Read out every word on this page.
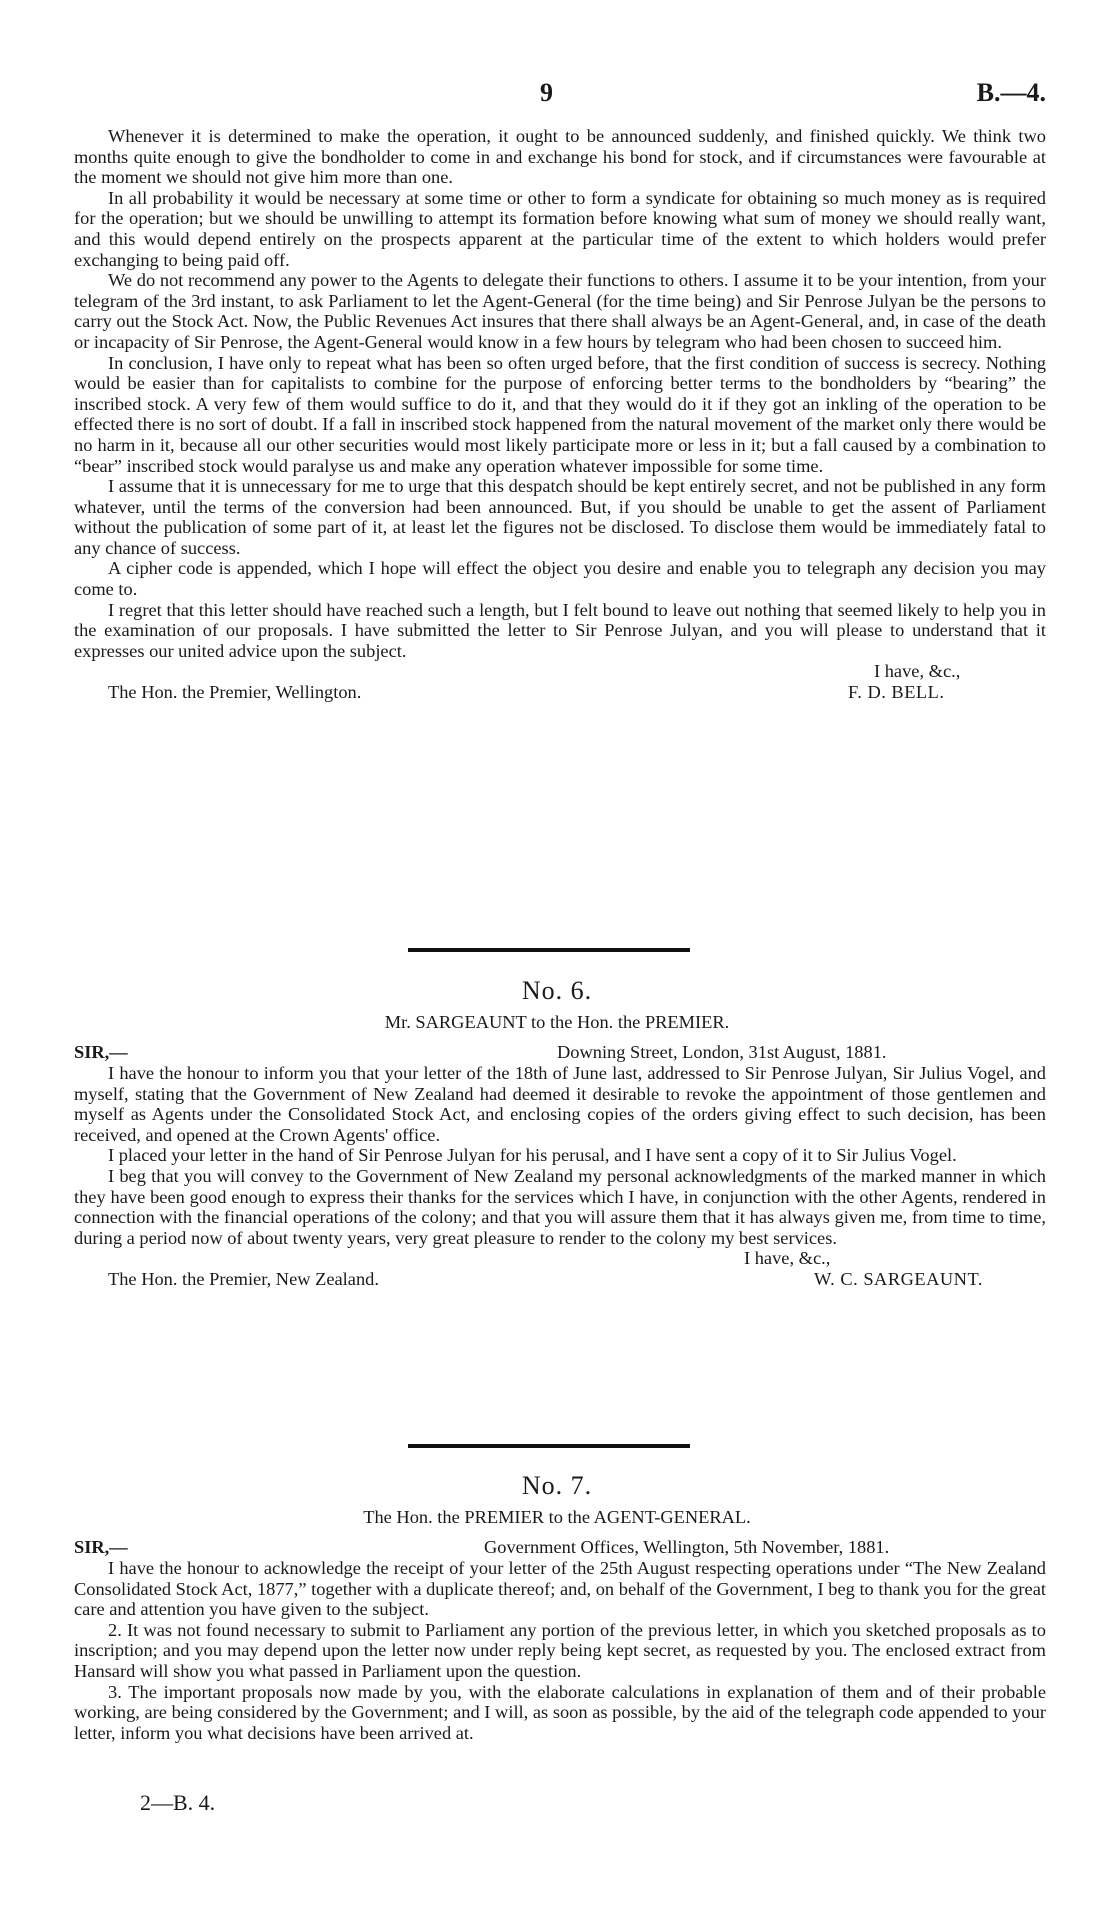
9	B.—4.

Whenever it is determined to make the operation, it ought to be announced suddenly, and finished quickly. We think two months quite enough to give the bondholder to come in and exchange his bond for stock, and if circumstances were favourable at the moment we should not give him more than one.

In all probability it would be necessary at some time or other to form a syndicate for obtaining so much money as is required for the operation; but we should be unwilling to attempt its formation before knowing what sum of money we should really want, and this would depend entirely on the prospects apparent at the particular time of the extent to which holders would prefer exchanging to being paid off.

We do not recommend any power to the Agents to delegate their functions to others. I assume it to be your intention, from your telegram of the 3rd instant, to ask Parliament to let the Agent-General (for the time being) and Sir Penrose Julyan be the persons to carry out the Stock Act. Now, the Public Revenues Act insures that there shall always be an Agent-General, and, in case of the death or incapacity of Sir Penrose, the Agent-General would know in a few hours by telegram who had been chosen to succeed him.

In conclusion, I have only to repeat what has been so often urged before, that the first condition of success is secrecy. Nothing would be easier than for capitalists to combine for the purpose of enforcing better terms to the bondholders by “bearing” the inscribed stock. A very few of them would suffice to do it, and that they would do it if they got an inkling of the operation to be effected there is no sort of doubt. If a fall in inscribed stock happened from the natural movement of the market only there would be no harm in it, because all our other securities would most likely participate more or less in it; but a fall caused by a combination to “bear” inscribed stock would paralyse us and make any operation whatever impossible for some time.

I assume that it is unnecessary for me to urge that this despatch should be kept entirely secret, and not be published in any form whatever, until the terms of the conversion had been announced. But, if you should be unable to get the assent of Parliament without the publication of some part of it, at least let the figures not be disclosed. To disclose them would be immediately fatal to any chance of success.

A cipher code is appended, which I hope will effect the object you desire and enable you to telegraph any decision you may come to.

I regret that this letter should have reached such a length, but I felt bound to leave out nothing that seemed likely to help you in the examination of our proposals. I have submitted the letter to Sir Penrose Julyan, and you will please to understand that it expresses our united advice upon the subject.

I have, &c.,
The Hon. the Premier, Wellington.	F. D. BELL.
No. 6.
Mr. SARGEAUNT to the Hon. the PREMIER.
SIR,—	Downing Street, London, 31st August, 1881.

I have the honour to inform you that your letter of the 18th of June last, addressed to Sir Penrose Julyan, Sir Julius Vogel, and myself, stating that the Government of New Zealand had deemed it desirable to revoke the appointment of those gentlemen and myself as Agents under the Consolidated Stock Act, and enclosing copies of the orders giving effect to such decision, has been received, and opened at the Crown Agents' office.

I placed your letter in the hand of Sir Penrose Julyan for his perusal, and I have sent a copy of it to Sir Julius Vogel.

I beg that you will convey to the Government of New Zealand my personal acknowledgments of the marked manner in which they have been good enough to express their thanks for the services which I have, in conjunction with the other Agents, rendered in connection with the financial operations of the colony; and that you will assure them that it has always given me, from time to time, during a period now of about twenty years, very great pleasure to render to the colony my best services.

I have, &c.,
The Hon. the Premier, New Zealand.	W. C. SARGEAUNT.
No. 7.
The Hon. the PREMIER to the AGENT-GENERAL.
SIR,—	Government Offices, Wellington, 5th November, 1881.

I have the honour to acknowledge the receipt of your letter of the 25th August respecting operations under “The New Zealand Consolidated Stock Act, 1877,” together with a duplicate thereof; and, on behalf of the Government, I beg to thank you for the great care and attention you have given to the subject.

2. It was not found necessary to submit to Parliament any portion of the previous letter, in which you sketched proposals as to inscription; and you may depend upon the letter now under reply being kept secret, as requested by you. The enclosed extract from Hansard will show you what passed in Parliament upon the question.

3. The important proposals now made by you, with the elaborate calculations in explanation of them and of their probable working, are being considered by the Government; and I will, as soon as possible, by the aid of the telegraph code appended to your letter, inform you what decisions have been arrived at.

2—B. 4.
